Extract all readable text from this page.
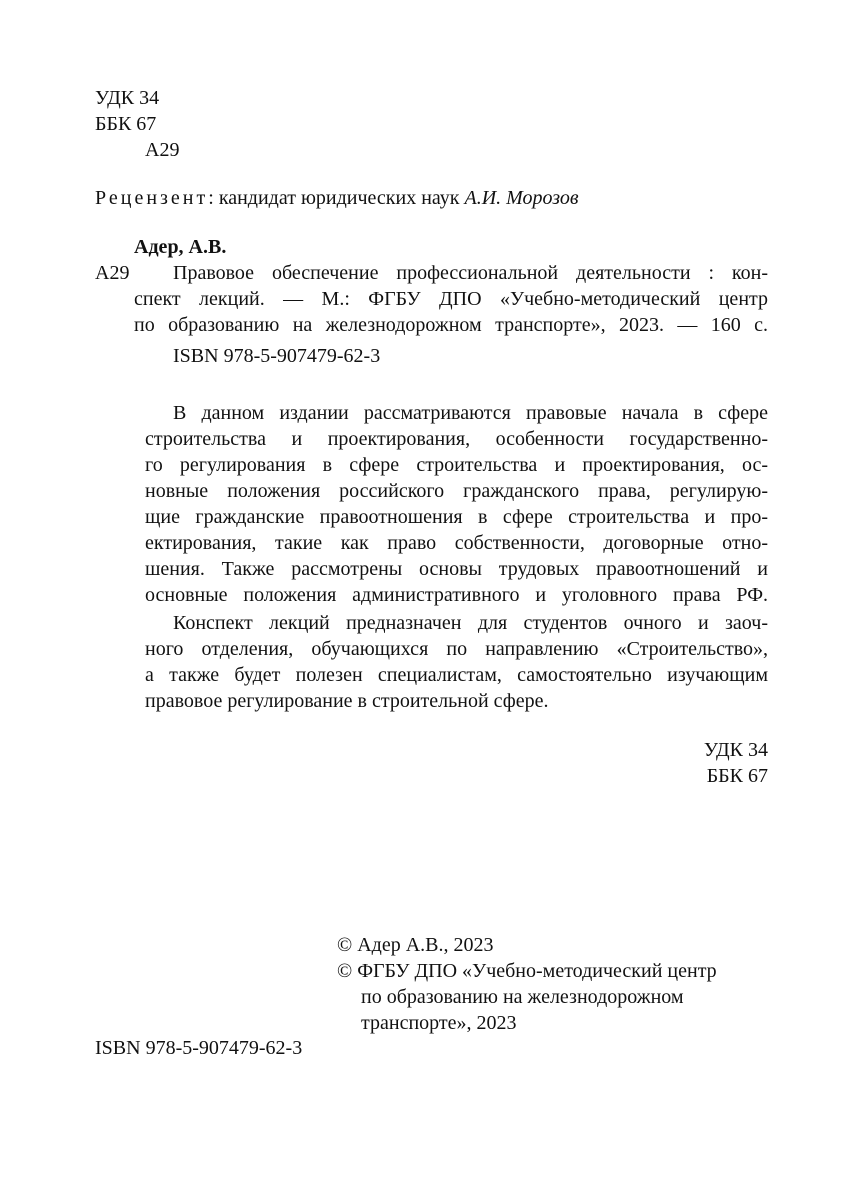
УДК 34
ББК 67
А29
Рецензент: кандидат юридических наук А.И. Морозов
Адер, А.В.
А29 Правовое обеспечение профессиональной деятельности : кон-
спект лекций. — М.: ФГБУ ДПО «Учебно-методический центр
по образованию на железнодорожном транспорте», 2023. — 160 с.
ISBN 978-5-907479-62-3
В данном издании рассматриваются правовые начала в сфере
строительства и проектирования, особенности государственно-
го регулирования в сфере строительства и проектирования, ос-
новные положения российского гражданского права, регулирую-
щие гражданские правоотношения в сфере строительства и про-
ектирования, такие как право собственности, договорные отно-
шения. Также рассмотрены основы трудовых правоотношений и
основные положения административного и уголовного права РФ.
Конспект лекций предназначен для студентов очного и заоч-
ного отделения, обучающихся по направлению «Строительство»,
а также будет полезен специалистам, самостоятельно изучающим
правовое регулирование в строительной сфере.
УДК 34
ББК 67
© Адер А.В., 2023
© ФГБУ ДПО «Учебно-методический центр
по образованию на железнодорожном
транспорте», 2023
ISBN 978-5-907479-62-3
